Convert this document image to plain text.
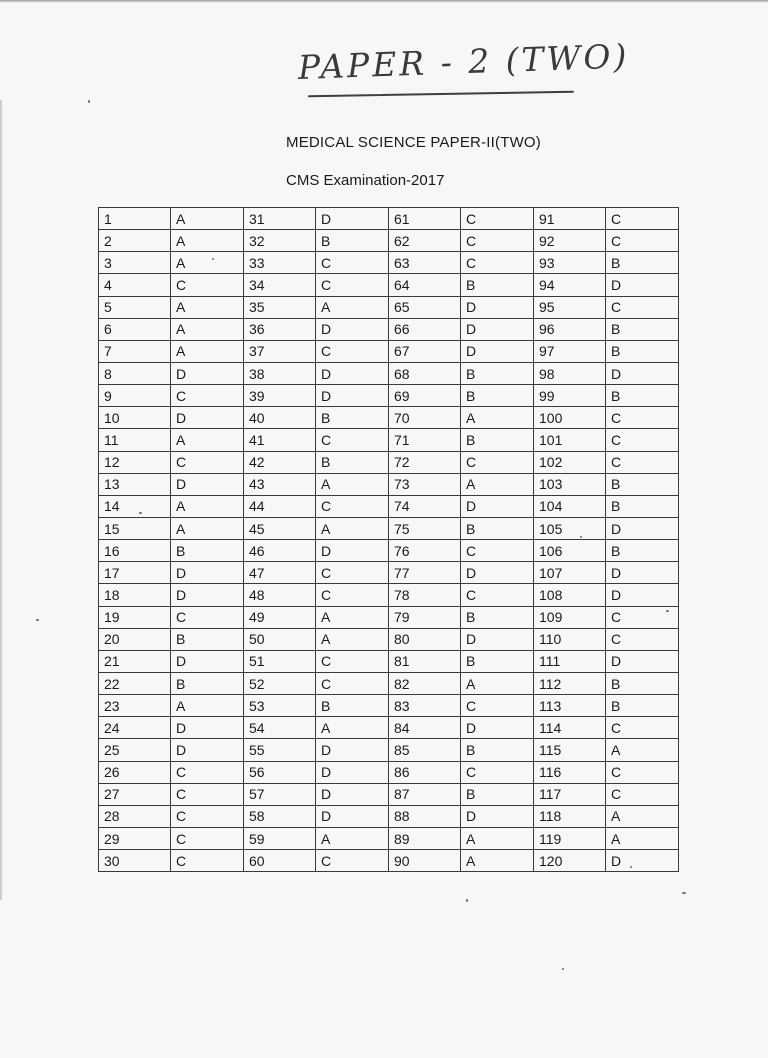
PAPER - 2 (TWO)
MEDICAL SCIENCE PAPER-II(TWO)
CMS Examination-2017
1	A	31	D	61	C	91	C
2	A	32	B	62	C	92	C
3	A	33	C	63	C	93	B
4	C	34	C	64	B	94	D
5	A	35	A	65	D	95	C
6	A	36	D	66	D	96	B
7	A	37	C	67	D	97	B
8	D	38	D	68	B	98	D
9	C	39	D	69	B	99	B
10	D	40	B	70	A	100	C
11	A	41	C	71	B	101	C
12	C	42	B	72	C	102	C
13	D	43	A	73	A	103	B
14	A	44	C	74	D	104	B
15	A	45	A	75	B	105	D
16	B	46	D	76	C	106	B
17	D	47	C	77	D	107	D
18	D	48	C	78	C	108	D
19	C	49	A	79	B	109	C
20	B	50	A	80	D	110	C
21	D	51	C	81	B	111	D
22	B	52	C	82	A	112	B
23	A	53	B	83	C	113	B
24	D	54	A	84	D	114	C
25	D	55	D	85	B	115	A
26	C	56	D	86	C	116	C
27	C	57	D	87	B	117	C
28	C	58	D	88	D	118	A
29	C	59	A	89	A	119	A
30	C	60	C	90	A	120	D
